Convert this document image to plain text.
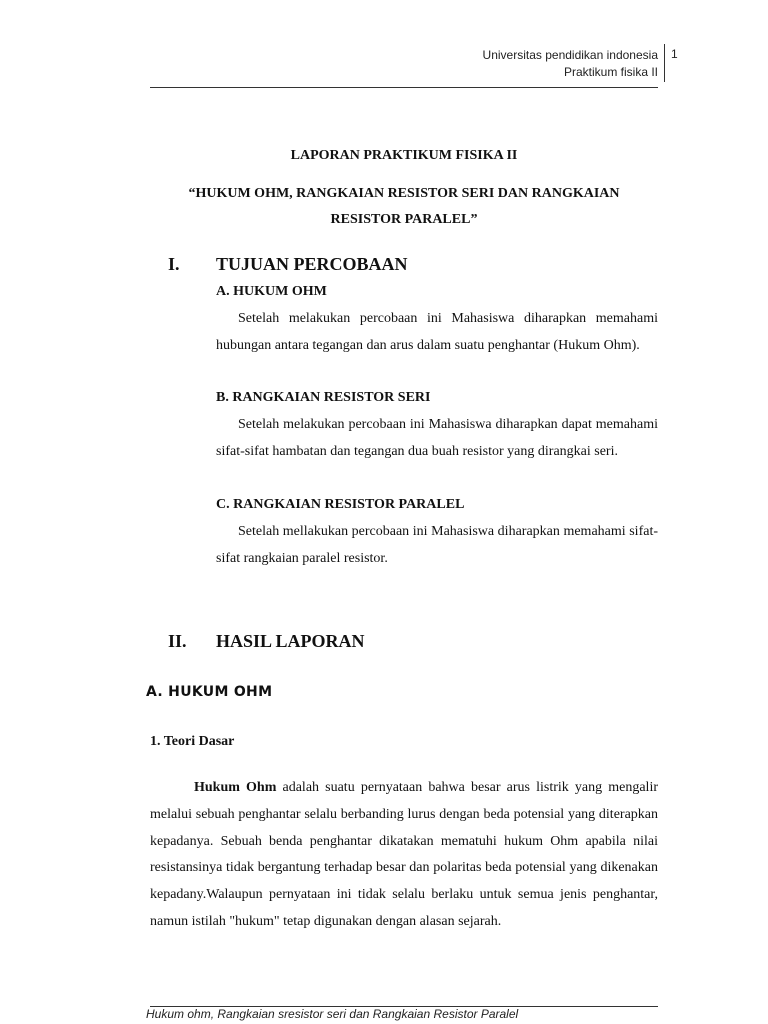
Universitas pendidikan indonesia
Praktikum fisika II
1
LAPORAN PRAKTIKUM FISIKA II
“HUKUM OHM, RANGKAIAN RESISTOR SERI DAN RANGKAIAN
RESISTOR PARALEL”
I. TUJUAN PERCOBAAN
A. HUKUM OHM
Setelah melakukan percobaan ini Mahasiswa diharapkan memahami hubungan antara tegangan dan arus dalam suatu penghantar (Hukum Ohm).
B. RANGKAIAN RESISTOR SERI
Setelah melakukan percobaan ini Mahasiswa diharapkan dapat memahami sifat-sifat hambatan dan tegangan dua buah resistor yang dirangkai seri.
C. RANGKAIAN RESISTOR PARALEL
Setelah mellakukan percobaan ini Mahasiswa diharapkan memahami sifat-sifat rangkaian paralel resistor.
II. HASIL LAPORAN
A. HUKUM OHM
1. Teori Dasar
Hukum Ohm adalah suatu pernyataan bahwa besar arus listrik yang mengalir melalui sebuah penghantar selalu berbanding lurus dengan beda potensial yang diterapkan kepadanya. Sebuah benda penghantar dikatakan mematuhi hukum Ohm apabila nilai resistansinya tidak bergantung terhadap besar dan polaritas beda potensial yang dikenakan kepadany.Walaupun pernyataan ini tidak selalu berlaku untuk semua jenis penghantar, namun istilah "hukum" tetap digunakan dengan alasan sejarah.
Hukum ohm, Rangkaian sresistor seri dan Rangkaian Resistor Paralel
